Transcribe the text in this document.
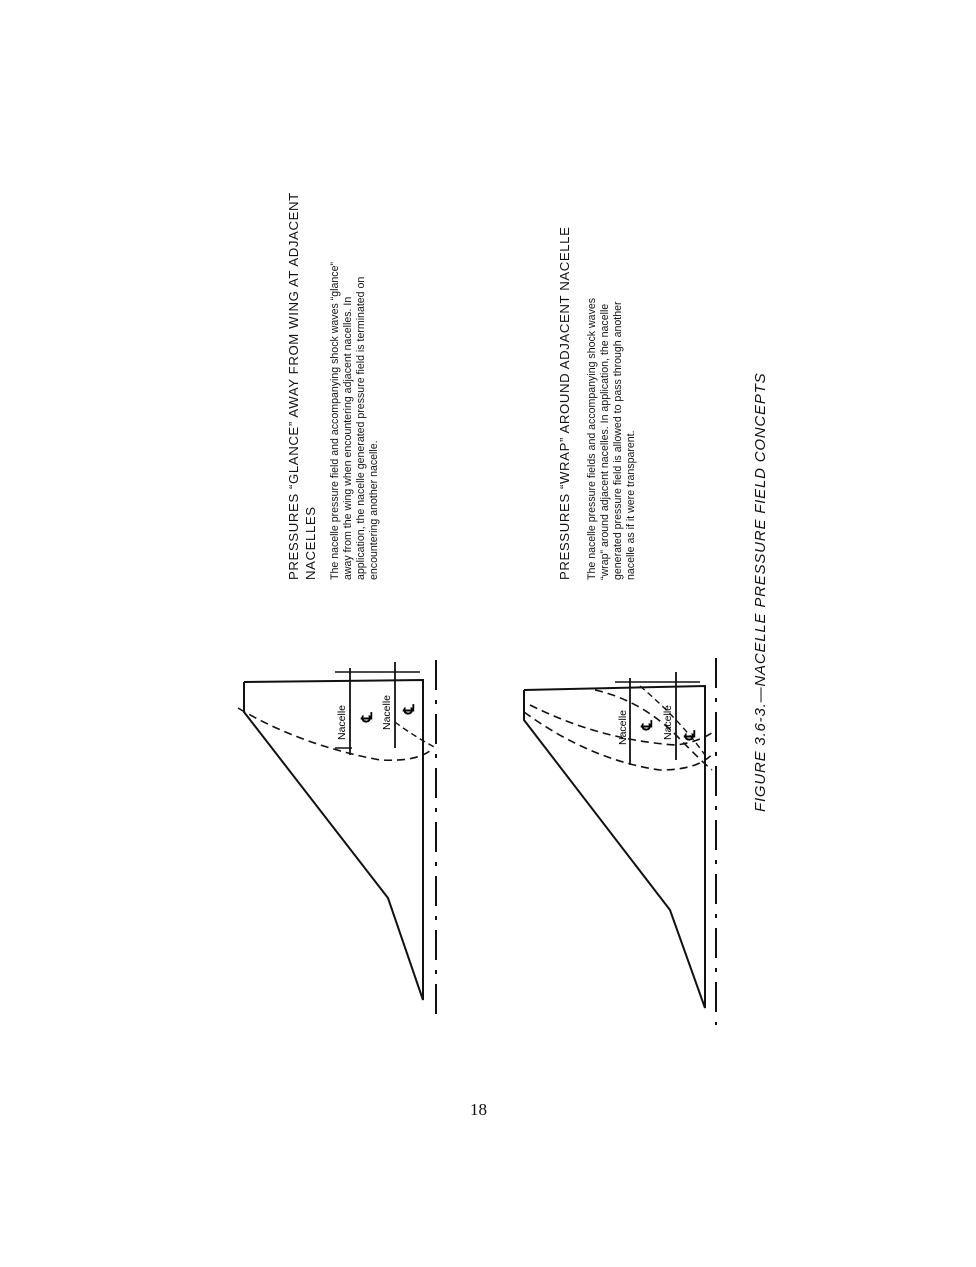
Nacelle	Nacelle
℄
℄
Nacelle	Nacelle
℄
℄
PRESSURES “GLANCE” AWAY FROM WING AT ADJACENT NACELLES The nacelle pressure field and accompanying shock waves “glance” away from the wing when encountering adjacent nacelles. In application, the nacelle generated pressure field is terminated on encountering another nacelle.	PRESSURES “WRAP” AROUND ADJACENT NACELLE The nacelle pressure fields and accompanying shock waves “wrap” around adjacent nacelles. In application, the nacelle generated pressure field is allowed to pass through another nacelle as if it were transparent.	FIGURE 3.6-3.—NACELLE PRESSURE FIELD CONCEPTS
18
